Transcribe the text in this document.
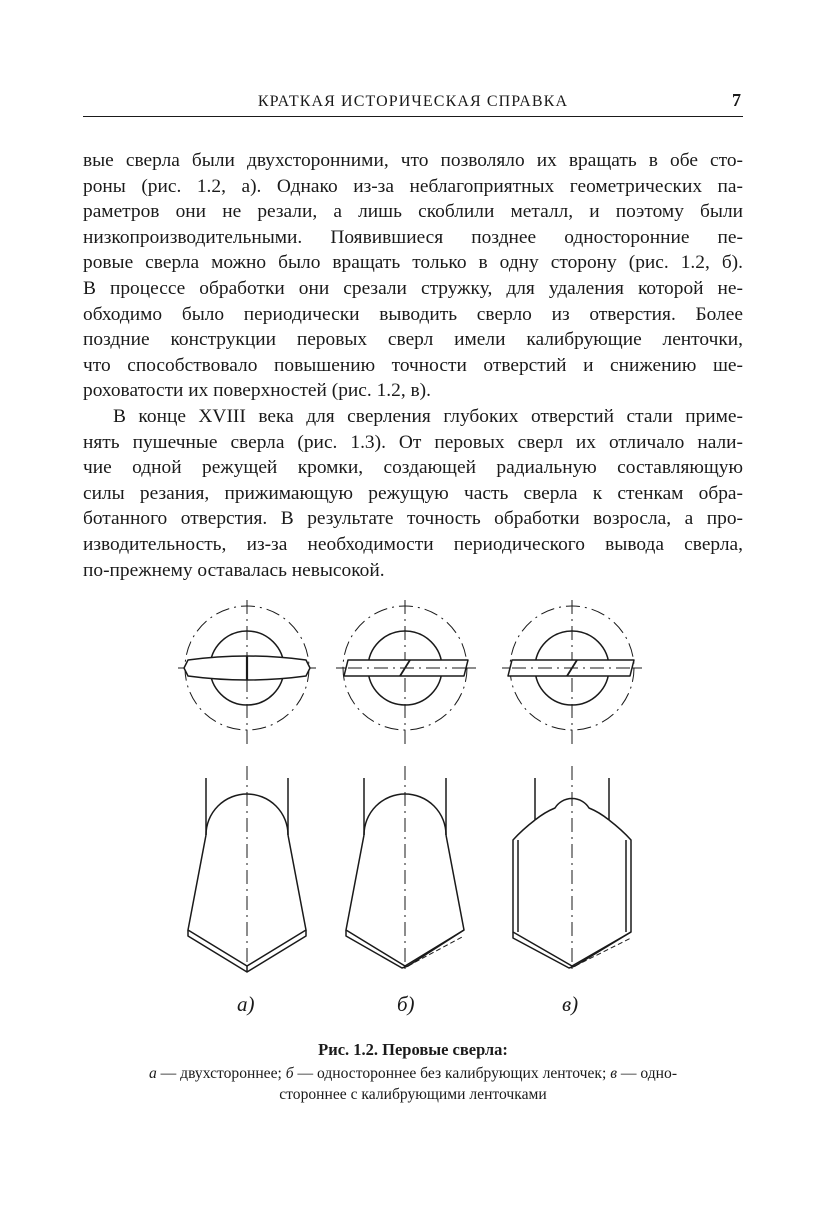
КРАТКАЯ ИСТОРИЧЕСКАЯ СПРАВКА	7

вые сверла были двухсторонними, что позволяло их вращать в обе сто-

роны (рис. 1.2, а). Однако из-за неблагоприятных геометрических па-

раметров они не резали, а лишь скоблили металл, и поэтому были

низкопроизводительными. Появившиеся позднее односторонние пе-

ровые сверла можно было вращать только в одну сторону (рис. 1.2, б).

В процессе обработки они срезали стружку, для удаления которой не-

обходимо было периодически выводить сверло из отверстия. Более

поздние конструкции перовых сверл имели калибрующие ленточки,

что способствовало повышению точности отверстий и снижению ше-

роховатости их поверхностей (рис. 1.2, в).

В конце XVIII века для сверления глубоких отверстий стали приме-

нять пушечные сверла (рис. 1.3). От перовых сверл их отличало нали-

чие одной режущей кромки, создающей радиальную составляющую

силы резания, прижимающую режущую часть сверла к стенкам обра-

ботанного отверстия. В результате точность обработки возросла, а про-

изводительность, из-за необходимости периодического вывода сверла,

по-прежнему оставалась невысокой.

а)	б)	в)
Рис. 1.2. Перовые сверла:
а — двухстороннее; б — одностороннее без калибрующих ленточек; в — одно-
стороннее с калибрующими ленточками
